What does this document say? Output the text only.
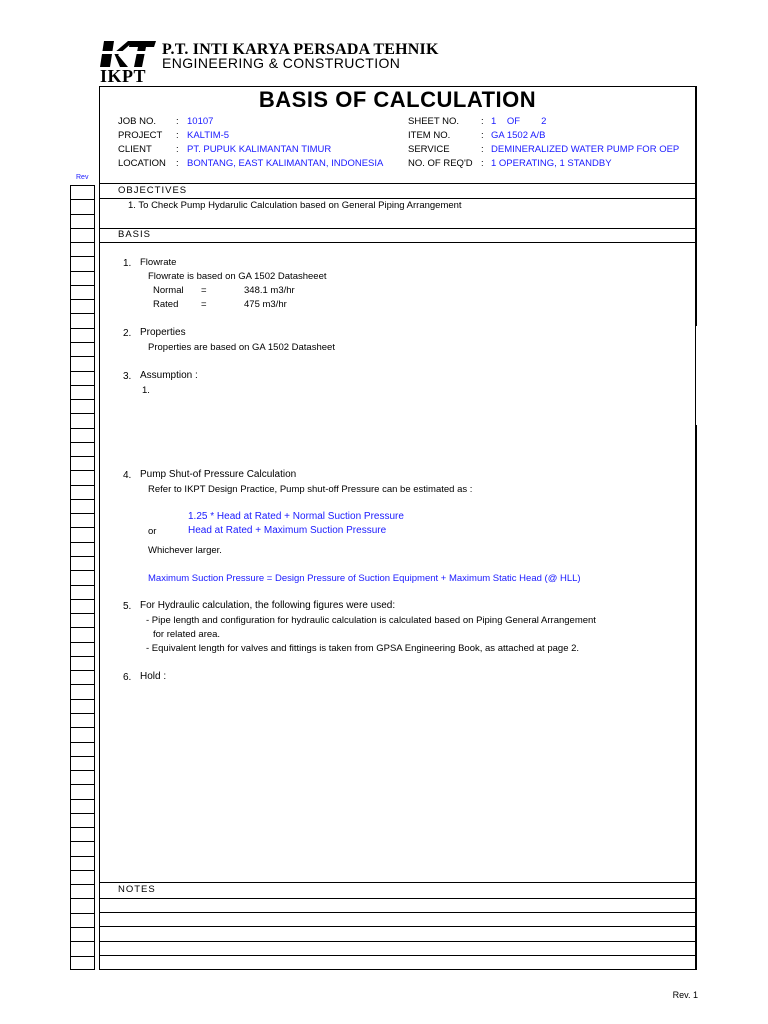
IKPT
P.T. INTI KARYA PERSADA TEHNIK
ENGINEERING & CONSTRUCTION
BASIS OF CALCULATION
JOB NO. : 10107
PROJECT : KALTIM-5
CLIENT	: PT. PUPUK KALIMANTAN TIMUR
LOCATION : BONTANG, EAST KALIMANTAN, INDONESIA
SHEET NO. : 1    OF        2
ITEM NO.	: GA 1502 A/B
SERVICE	: DEMINERALIZED WATER PUMP FOR OEP
NO. OF REQ'D : 1 OPERATING, 1 STANDBY
OBJECTIVES
1. To Check Pump Hydarulic Calculation based on General Piping Arrangement
BASIS
1. Flowrate
Flowrate is based on GA 1502 Datasheeet
Normal =	348.1 m3/hr
Rated =	475 m3/hr
2. Properties
Properties are based on GA 1502 Datasheet
3. Assumption :
1.
4. Pump Shut-of Pressure Calculation
Refer to IKPT Design Practice, Pump shut-off Pressure can be estimated as :
1.25 * Head at Rated + Normal Suction Pressure
or	Head at Rated + Maximum Suction Pressure
Whichever larger.
Maximum Suction Pressure = Design Pressure of Suction Equipment + Maximum Static Head (@ HLL)
5. For Hydraulic calculation, the following figures were used:
- Pipe length and configuration for hydraulic calculation is calculated based on Piping General Arrangement
for related area.
- Equivalent length for valves and fittings is taken from GPSA Engineering Book, as attached at page 2.
6. Hold :
NOTES
Rev
Rev. 1
